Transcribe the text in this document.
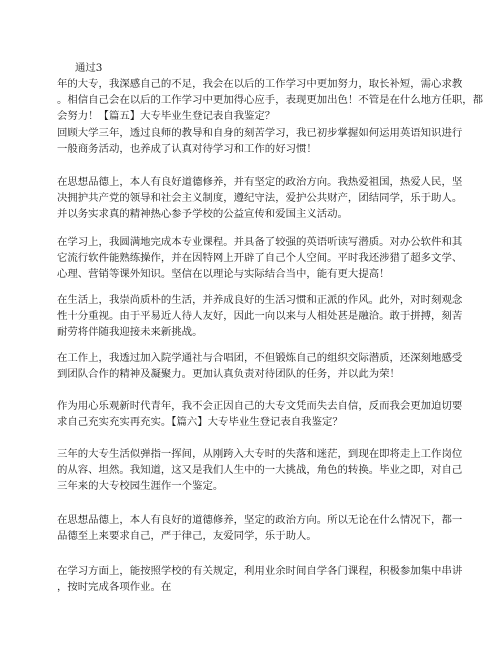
通过3
年的大专，我深感自己的不足，我会在以后的工作学习中更加努力，取长补短，需心求教
。相信自己会在以后的工作学习中更加得心应手，表现更加出色！不管是在什么地方任职，都
会努力！【篇五】大专毕业生登记表自我鉴定？

回顾大学三年，透过良师的教导和自身的刻苦学习，我已初步掌握如何运用英语知识进行
一般商务活动，也养成了认真对待学习和工作的好习惯！

在思想品德上，本人有良好道德修养，并有坚定的政治方向。我热爱祖国，热爱人民，坚
决拥护共产党的领导和社会主义制度，遵纪守法，爱护公共财产，团结同学，乐于助人。
并以务实求真的精神热心参予学校的公益宣传和爱国主义活动。

在学习上，我圆满地完成本专业课程。并具备了较强的英语听读写潜质。对办公软件和其
它流行软件能熟练操作，并在因特网上开辟了自己个人空间。平时我还涉猎了超多文学、
心理、营销等课外知识。坚信在以理论与实际结合当中，能有更大提高！

在生活上，我崇尚质朴的生活，并养成良好的生活习惯和正派的作风。此外，对时刻观念
性十分重视。由于平易近人待人友好，因此一向以来与人相处甚是融洽。敢于拼搏，刻苦
耐劳将伴随我迎接未来新挑战。

在工作上，我透过加入院学通社与合唱团，不但锻炼自己的组织交际潜质，还深刻地感受
到团队合作的精神及凝聚力。更加认真负责对待团队的任务，并以此为荣！

作为用心乐观新时代青年，我不会正因自己的大专文凭而失去自信，反而我会更加迫切要
求自己充实充实再充实。【篇六】大专毕业生登记表自我鉴定？

三年的大专生活似弹指一挥间，从刚跨入大专时的失落和迷茫，到现在即将走上工作岗位
的从容、坦然。我知道，这又是我们人生中的一大挑战，角色的转换。毕业之即，对自己
三年来的大专校园生涯作一个鉴定。

在思想品德上，本人有良好的道德修养，坚定的政治方向。所以无论在什么情况下，都一
品德至上来要求自己，严于律己，友爱同学，乐于助人。

在学习方面上，能按照学校的有关规定，利用业余时间自学各门课程，积极参加集中串讲
，按时完成各项作业。在
